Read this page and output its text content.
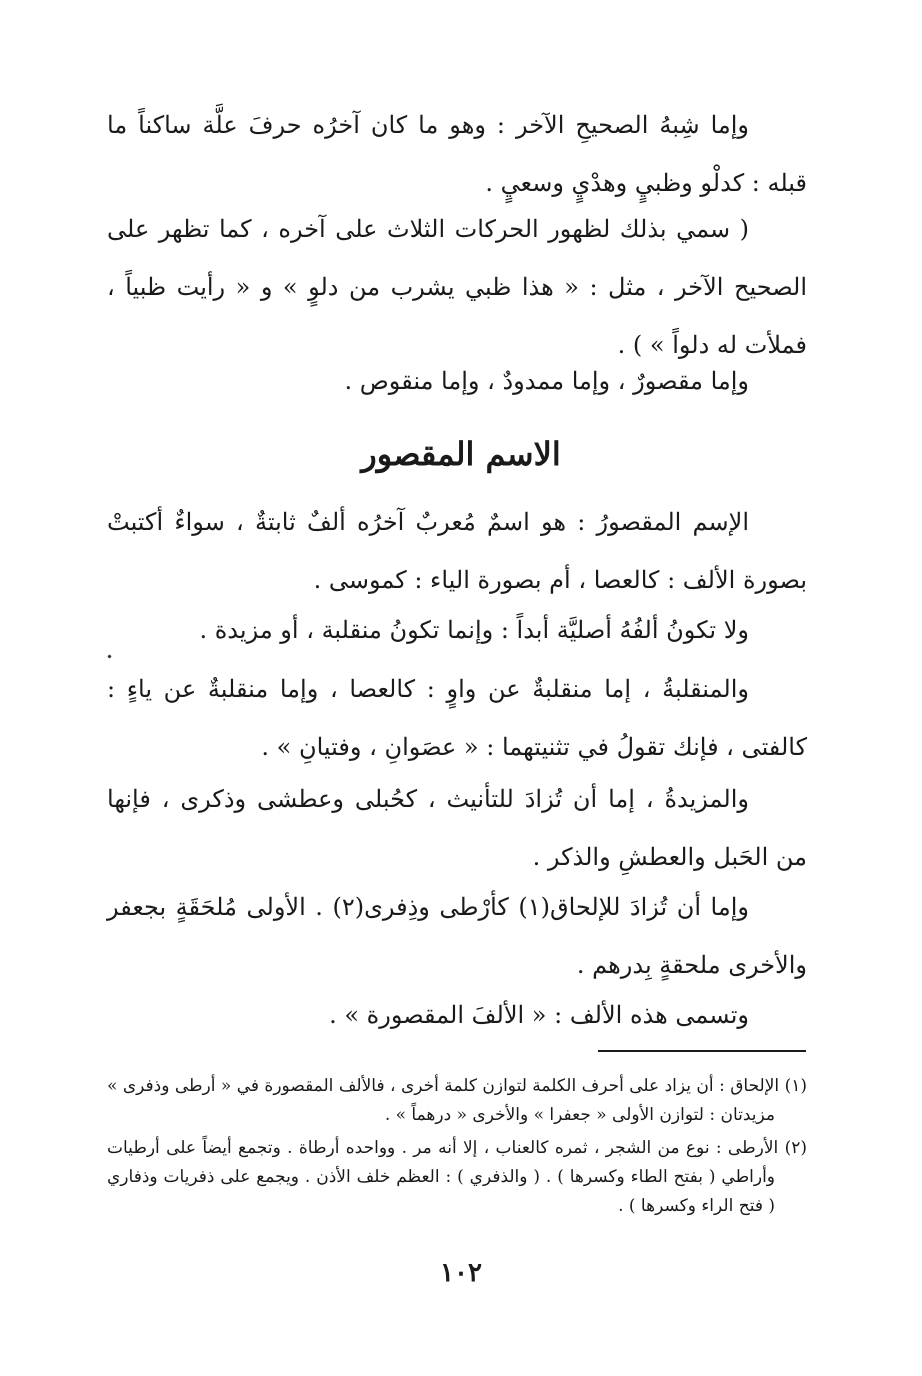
وإما شِبهُ الصحيحِ الآخر : وهو ما كان آخرُه حرفَ علَّة ساكناً ما قبله : كدلْو وظبيٍ وهدْيٍ وسعيٍ .

( سمي بذلك لظهور الحركات الثلاث على آخره ، كما تظهر على الصحيح الآخر ، مثل : « هذا ظبي يشرب من دلوٍ » و « رأيت ظبياً ، فملأت له دلواً » ) .

وإما مقصورٌ ، وإما ممدودٌ ، وإما منقوص .

الاسم المقصور

الإسم المقصورُ : هو اسمٌ مُعربٌ آخرُه ألفٌ ثابتةٌ ، سواءٌ أكتبتْ بصورة الألف : كالعصا ، أم بصورة الياء : كموسى .

ولا تكونُ ألفُهُ أصليَّة أبداً : وإنما تكونُ منقلبة ، أو مزيدة .

والمنقلبةُ ، إما منقلبةٌ عن واوٍ : كالعصا ، وإما منقلبةٌ عن ياءٍ : كالفتى ، فإنك تقولُ في تثنيتهما : « عصَوانِ ، وفتيانِ » .

والمزيدةُ ، إما أن تُزادَ للتأنيث ، كحُبلى وعطشى وذكرى ، فإنها من الحَبل والعطشِ والذكر .

وإما أن تُزادَ للإلحاق(١) كأرْطى وذِفرى(٢) . الأولى مُلحَقَةٍ بجعفر والأخرى ملحقةٍ بِدرهم .

وتسمى هذه الألف : « الألفَ المقصورة » .

(١) الإلحاق : أن يزاد على أحرف الكلمة لتوازن كلمة أخرى ، فالألف المقصورة في « أرطى وذفرى » مزيدتان : لتوازن الأولى « جعفرا » والأخرى « درهماً » .

(٢) الأرطى : نوع من الشجر ، ثمره كالعناب ، إلا أنه مر . وواحده أرطاة . وتجمع أيضاً على أرطيات وأراطي ( بفتح الطاء وكسرها ) . ( والذفري ) : العظم خلف الأذن . ويجمع على ذفريات وذفاري ( فتح الراء وكسرها ) .

١٠٢
